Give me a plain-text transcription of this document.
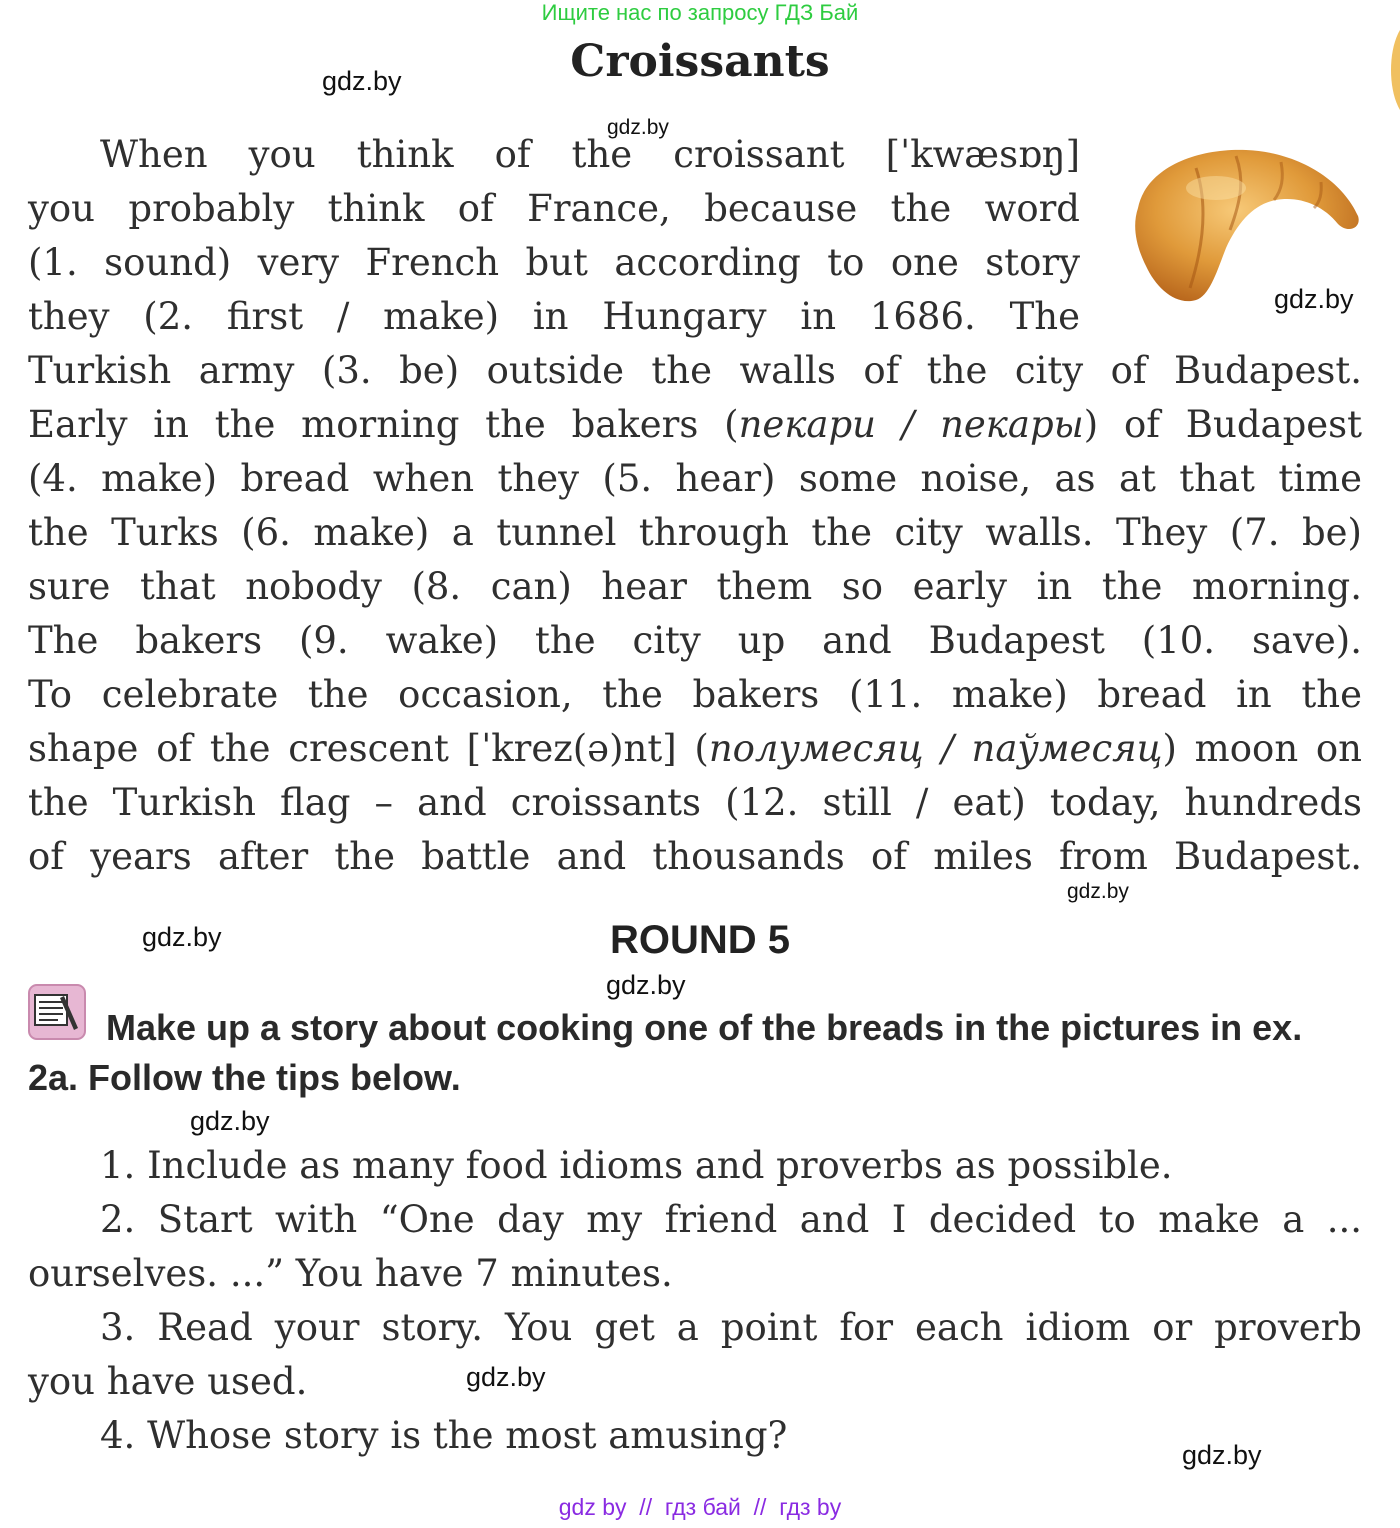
Ищите нас по запросу ГДЗ Бай
Croissants
gdz.by
gdz.by
gdz.by
gdz.by
gdz.by
gdz.by
gdz.by
gdz.by
gdz.by
When you think of the croissant [ˈkwæsɒŋ]
you probably think of France, because the word
(1. sound) very French but according to one story
they (2. first / make) in Hungary in 1686. The
Turkish army (3. be) outside the walls of the city of Budapest.
Early in the morning the bakers (пекари / пекары) of Budapest
(4. make) bread when they (5. hear) some noise, as at that time
the Turks (6. make) a tunnel through the city walls. They (7. be)
sure that nobody (8. can) hear them so early in the morning.
The bakers (9. wake) the city up and Budapest (10. save).
To celebrate the occasion, the bakers (11. make) bread in the
shape of the crescent [ˈkrez(ə)nt] (полумесяц / паўмесяц) moon on
the Turkish flag – and croissants (12. still / eat) today, hundreds
of years after the battle and thousands of miles from Budapest.
ROUND 5
Make up a story about cooking one of the breads in the pictures in ex. 2a. Follow the tips below.
1. Include as many food idioms and proverbs as possible.
2. Start with “One day my friend and I decided to make a ...
ourselves. ...” You have 7 minutes.
3. Read your story. You get a point for each idiom or proverb
you have used.
4. Whose story is the most amusing?
gdz by  //  гдз бай  //  гдз by
